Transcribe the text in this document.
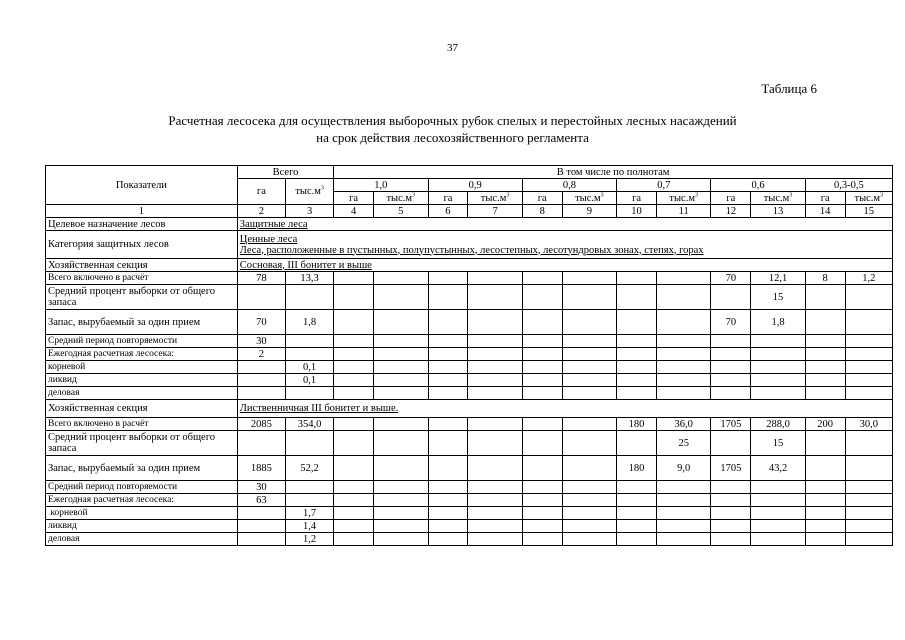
37
Таблица 6
Расчетная лесосека для осуществления выборочных рубок спелых и перестойных лесных насаждений
на срок действия лесохозяйственного регламента
Показатели	Всего		В том числе по полнотам											
	га	$тыс.м^3$	1,0		0,9		0,8		0,7		0,6		0,3-0,5	
			га	$тыс.м^3$	га	$тыс.м^3$	га	$тыс.м^3$	га	$тыс.м^3$	га	$тыс.м^3$	га	$тыс.м^3$
1	2	3	4	5	6	7	8	9	10	11	12	13	14	15
Целевое назначение лесов	Защитные леса													
Категория защитных лесов	Ценные леса
Леса, расположенные в пустынных, полупустынных, лесостепных, лесотундровых зонах, степях, горах													
Хозяйственная секция	Сосновая, III бонитет и выше													
Всего включено в расчёт	78	13,3									70	12,1	8	1,2
Средний процент выборки от общего запаса												15		
Запас, вырубаемый за один прием	70	1,8									70	1,8		
Средний период повторяемости	30													
Ежегодная расчетная лесосека:	2													
корневой		0,1												
ликвид		0,1												
деловая														
Хозяйственная секция	Лиственничная III бонитет и выше.													
Всего включено в расчёт	2085	354,0							180	36,0	1705	288,0	200	30,0
Средний процент выборки от общего запаса										25		15		
Запас, вырубаемый за один прием	1885	52,2							180	9,0	1705	43,2		
Средний период повторяемости	30													
Ежегодная расчетная лесосека:	63													
корневой		1,7												
ликвид		1,4												
деловая		1,2												
